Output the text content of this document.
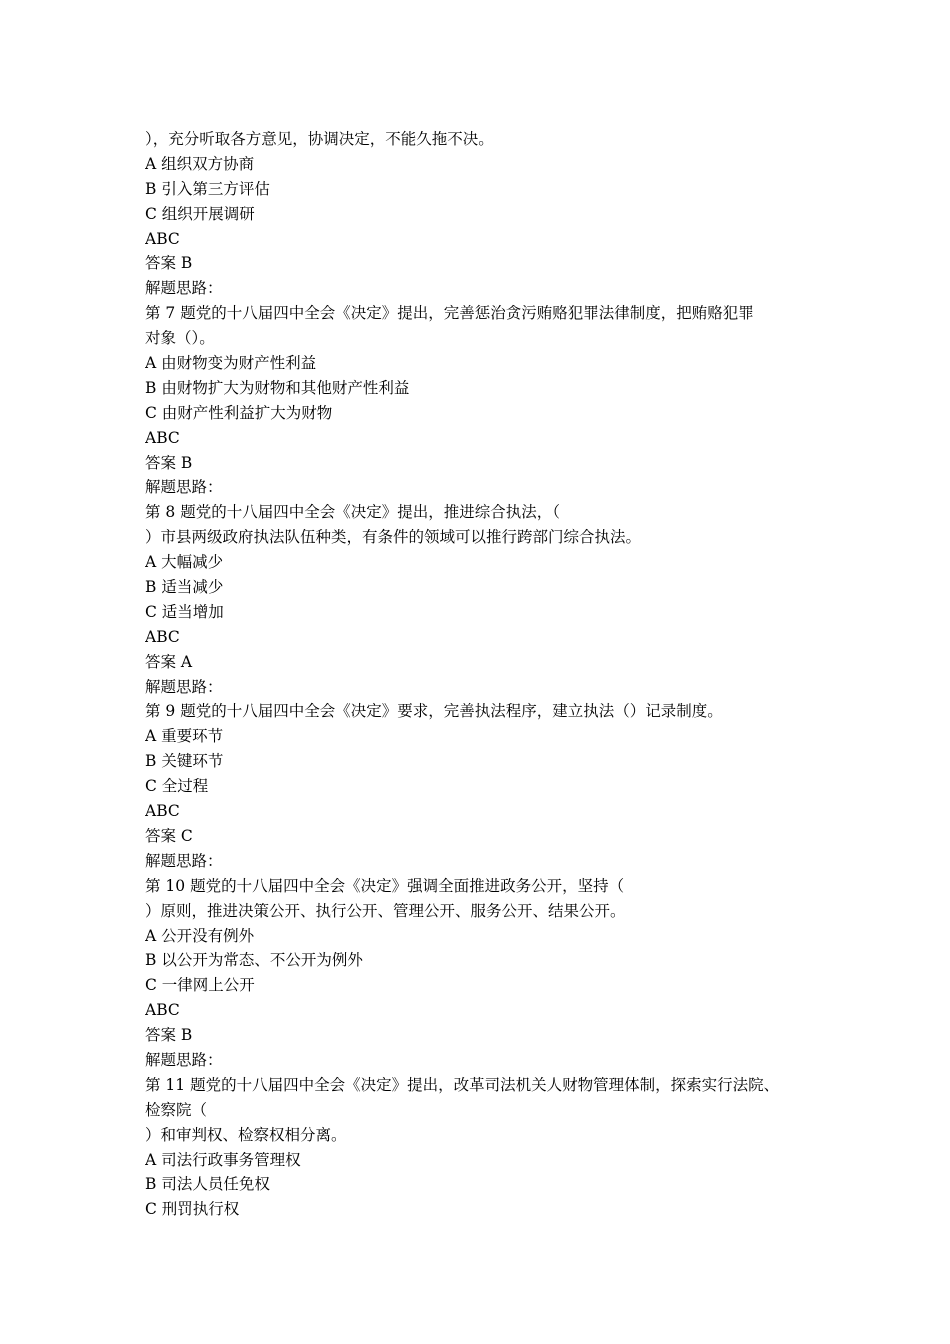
），充分听取各方意见，协调决定，不能久拖不决。
A 组织双方协商
B 引入第三方评估
C 组织开展调研
ABC
答案 B
解题思路：
第 7 题党的十八届四中全会《决定》提出，完善惩治贪污贿赂犯罪法律制度，把贿赂犯罪
对象（）。
A 由财物变为财产性利益
B 由财物扩大为财物和其他财产性利益
C 由财产性利益扩大为财物
ABC
答案 B
解题思路：
第 8 题党的十八届四中全会《决定》提出，推进综合执法，（
）市县两级政府执法队伍种类，有条件的领域可以推行跨部门综合执法。
A 大幅减少
B 适当减少
C 适当增加
ABC
答案 A
解题思路：
第 9 题党的十八届四中全会《决定》要求，完善执法程序，建立执法（）记录制度。
A 重要环节
B 关键环节
C 全过程
ABC
答案 C
解题思路：
第 10 题党的十八届四中全会《决定》强调全面推进政务公开，坚持（
）原则，推进决策公开、执行公开、管理公开、服务公开、结果公开。
A 公开没有例外
B 以公开为常态、不公开为例外
C 一律网上公开
ABC
答案 B
解题思路：
第 11 题党的十八届四中全会《决定》提出，改革司法机关人财物管理体制，探索实行法院、
检察院（
）和审判权、检察权相分离。
A 司法行政事务管理权
B 司法人员任免权
C 刑罚执行权
